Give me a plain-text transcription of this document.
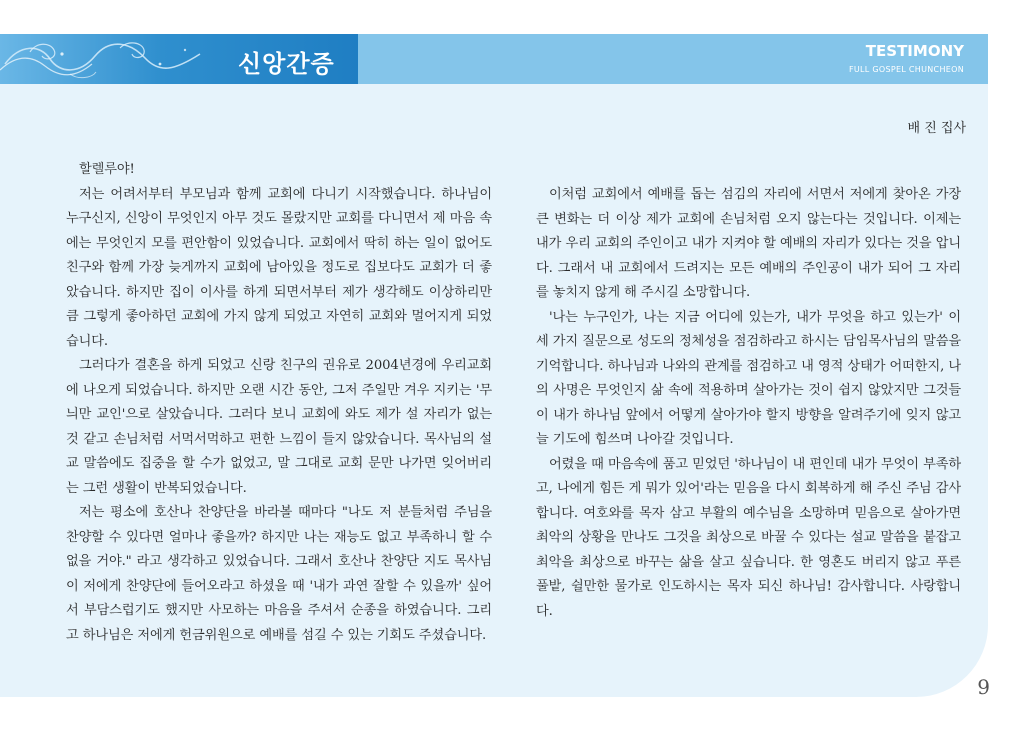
신앙간증	TESTIMONY
FULL GOSPEL CHUNCHEON
배 진 집사

할렐루야!

저는 어려서부터 부모님과 함께 교회에 다니기 시작했습니다. 하나님이 누구신지, 신앙이 무엇인지 아무 것도 몰랐지만 교회를 다니면서 제 마음 속에는 무엇인지 모를 편안함이 있었습니다. 교회에서 딱히 하는 일이 없어도 친구와 함께 가장 늦게까지 교회에 남아있을 정도로 집보다도 교회가 더 좋았습니다. 하지만 집이 이사를 하게 되면서부터 제가 생각해도 이상하리만큼 그렇게 좋아하던 교회에 가지 않게 되었고 자연히 교회와 멀어지게 되었습니다.

그러다가 결혼을 하게 되었고 신랑 친구의 권유로 2004년경에 우리교회에 나오게 되었습니다. 하지만 오랜 시간 동안, 그저 주일만 겨우 지키는 '무늬만 교인'으로 살았습니다. 그러다 보니 교회에 와도 제가 설 자리가 없는 것 같고 손님처럼 서먹서먹하고 편한 느낌이 들지 않았습니다. 목사님의 설교 말씀에도 집중을 할 수가 없었고, 말 그대로 교회 문만 나가면 잊어버리는 그런 생활이 반복되었습니다.

저는 평소에 호산나 찬양단을 바라볼 때마다 "나도 저 분들처럼 주님을 찬양할 수 있다면 얼마나 좋을까? 하지만 나는 재능도 없고 부족하니 할 수 없을 거야." 라고 생각하고 있었습니다. 그래서 호산나 찬양단 지도 목사님이 저에게 찬양단에 들어오라고 하셨을 때 '내가 과연 잘할 수 있을까' 싶어서 부담스럽기도 했지만 사모하는 마음을 주셔서 순종을 하였습니다. 그리고 하나님은 저에게 헌금위원으로 예배를 섬길 수 있는 기회도 주셨습니다.

이처럼 교회에서 예배를 돕는 섬김의 자리에 서면서 저에게 찾아온 가장 큰 변화는 더 이상 제가 교회에 손님처럼 오지 않는다는 것입니다. 이제는 내가 우리 교회의 주인이고 내가 지켜야 할 예배의 자리가 있다는 것을 압니다. 그래서 내 교회에서 드려지는 모든 예배의 주인공이 내가 되어 그 자리를 놓치지 않게 해 주시길 소망합니다.

'나는 누구인가, 나는 지금 어디에 있는가, 내가 무엇을 하고 있는가' 이 세 가지 질문으로 성도의 정체성을 점검하라고 하시는 담임목사님의 말씀을 기억합니다. 하나님과 나와의 관계를 점검하고 내 영적 상태가 어떠한지, 나의 사명은 무엇인지 삶 속에 적용하며 살아가는 것이 쉽지 않았지만 그것들이 내가 하나님 앞에서 어떻게 살아가야 할지 방향을 알려주기에 잊지 않고 늘 기도에 힘쓰며 나아갈 것입니다.

어렸을 때 마음속에 품고 믿었던 '하나님이 내 편인데 내가 무엇이 부족하고, 나에게 힘든 게 뭐가 있어'라는 믿음을 다시 회복하게 해 주신 주님 감사합니다. 여호와를 목자 삼고 부활의 예수님을 소망하며 믿음으로 살아가면 최악의 상황을 만나도 그것을 최상으로 바꿀 수 있다는 설교 말씀을 붙잡고 최악을 최상으로 바꾸는 삶을 살고 싶습니다. 한 영혼도 버리지 않고 푸른 풀밭, 쉴만한 물가로 인도하시는 목자 되신 하나님! 감사합니다. 사랑합니다.

9
